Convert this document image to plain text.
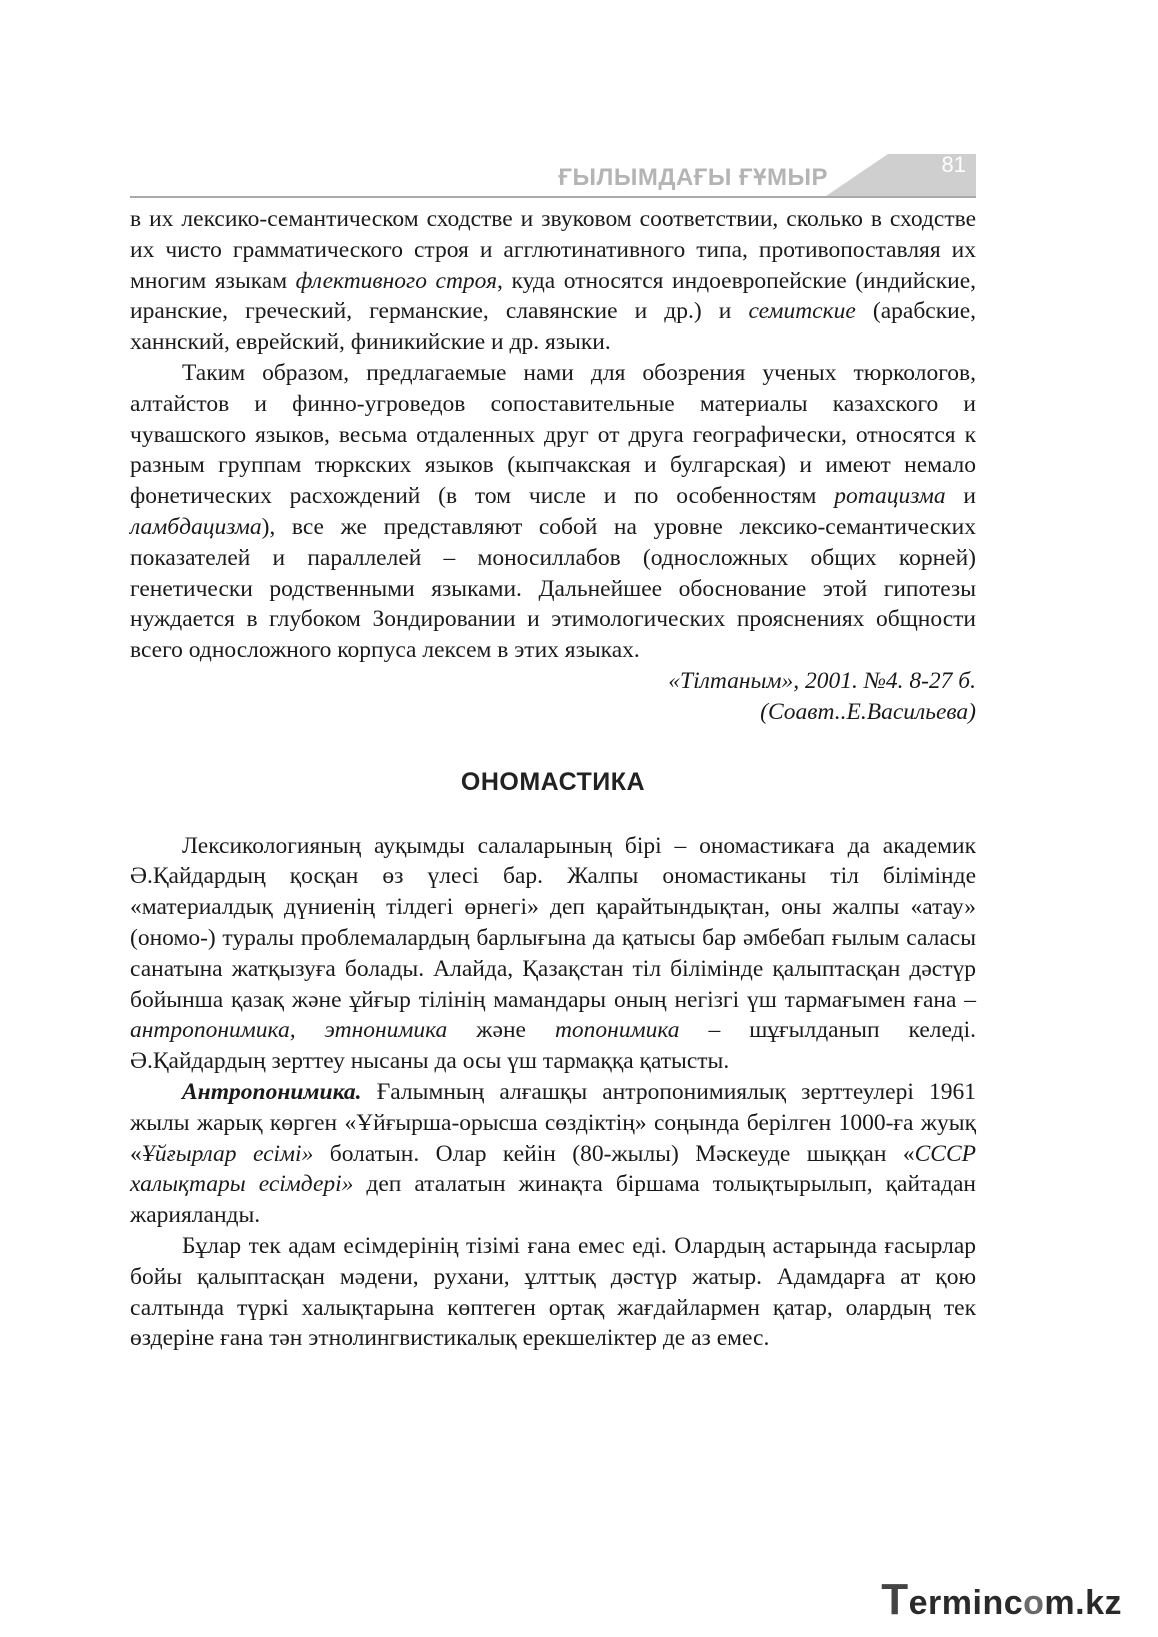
ҒЫЛЫМДАҒЫ ҒҰМЫР	81

в их лексико-семантическом сходстве и звуковом соответствии, сколько в сходстве их чисто грамматического строя и агглютинативного типа, противопоставляя их многим языкам флективного строя, куда относятся индоевропейские (индийские, иранские, греческий, германские, славянские и др.) и семитские (арабские, ханнский, еврейский, финикийские и др. языки.

Таким образом, предлагаемые нами для обозрения ученых тюркологов, алтайстов и финно-угроведов сопоставительные материалы казахского и чувашского языков, весьма отдаленных друг от друга географически, относятся к разным группам тюркских языков (кыпчакская и булгарская) и имеют немало фонетических расхождений (в том числе и по особенностям ротацизма и ламбдацизма), все же представляют собой на уровне лексико-семантических показателей и параллелей – моносиллабов (односложных общих корней) генетически родственными языками. Дальнейшее обоснование этой гипотезы нуждается в глубоком Зондировании и этимологических прояснениях общности всего односложного корпуса лексем в этих языках.

«Тілтаным», 2001. №4. 8-27 б.
(Соавт..Е.Васильева)
ОНОМАСТИКА

Лексикологияның ауқымды салаларының бірі – ономастикаға да академик Ә.Қайдардың қосқан өз үлесі бар. Жалпы ономастиканы тіл білімінде «материалдық дүниенің тілдегі өрнегі» деп қарайтындықтан, оны жалпы «атау» (ономо-) туралы проблемалардың барлығына да қатысы бар әмбебап ғылым саласы санатына жатқызуға болады. Алайда, Қазақстан тіл білімінде қалыптасқан дәстүр бойынша қазақ және ұйғыр тілінің мамандары оның негізгі үш тармағымен ғана – антропонимика, этнонимика және топонимика – шұғылданып келеді. Ә.Қайдардың зерттеу нысаны да осы үш тармаққа қатысты.

Антропонимика. Ғалымның алғашқы антропонимиялық зерттеулері 1961 жылы жарық көрген «Ұйғырша-орысша сөздіктің» соңында берілген 1000-ға жуық «Ұйғырлар есімі» болатын. Олар кейін (80-жылы) Мәскеуде шыққан «СССР халықтары есімдері» деп аталатын жинақта біршама толықтырылып, қайтадан жарияланды.

Бұлар тек адам есімдерінің тізімі ғана емес еді. Олардың астарында ғасырлар бойы қалыптасқан мәдени, рухани, ұлттық дәстүр жатыр. Адамдарға ат қою салтында түркі халықтарына көптеген ортақ жағдайлармен қатар, олардың тек өздеріне ғана тән этнолингвистикалық ерекшеліктер де аз емес.

Termincom.kz
